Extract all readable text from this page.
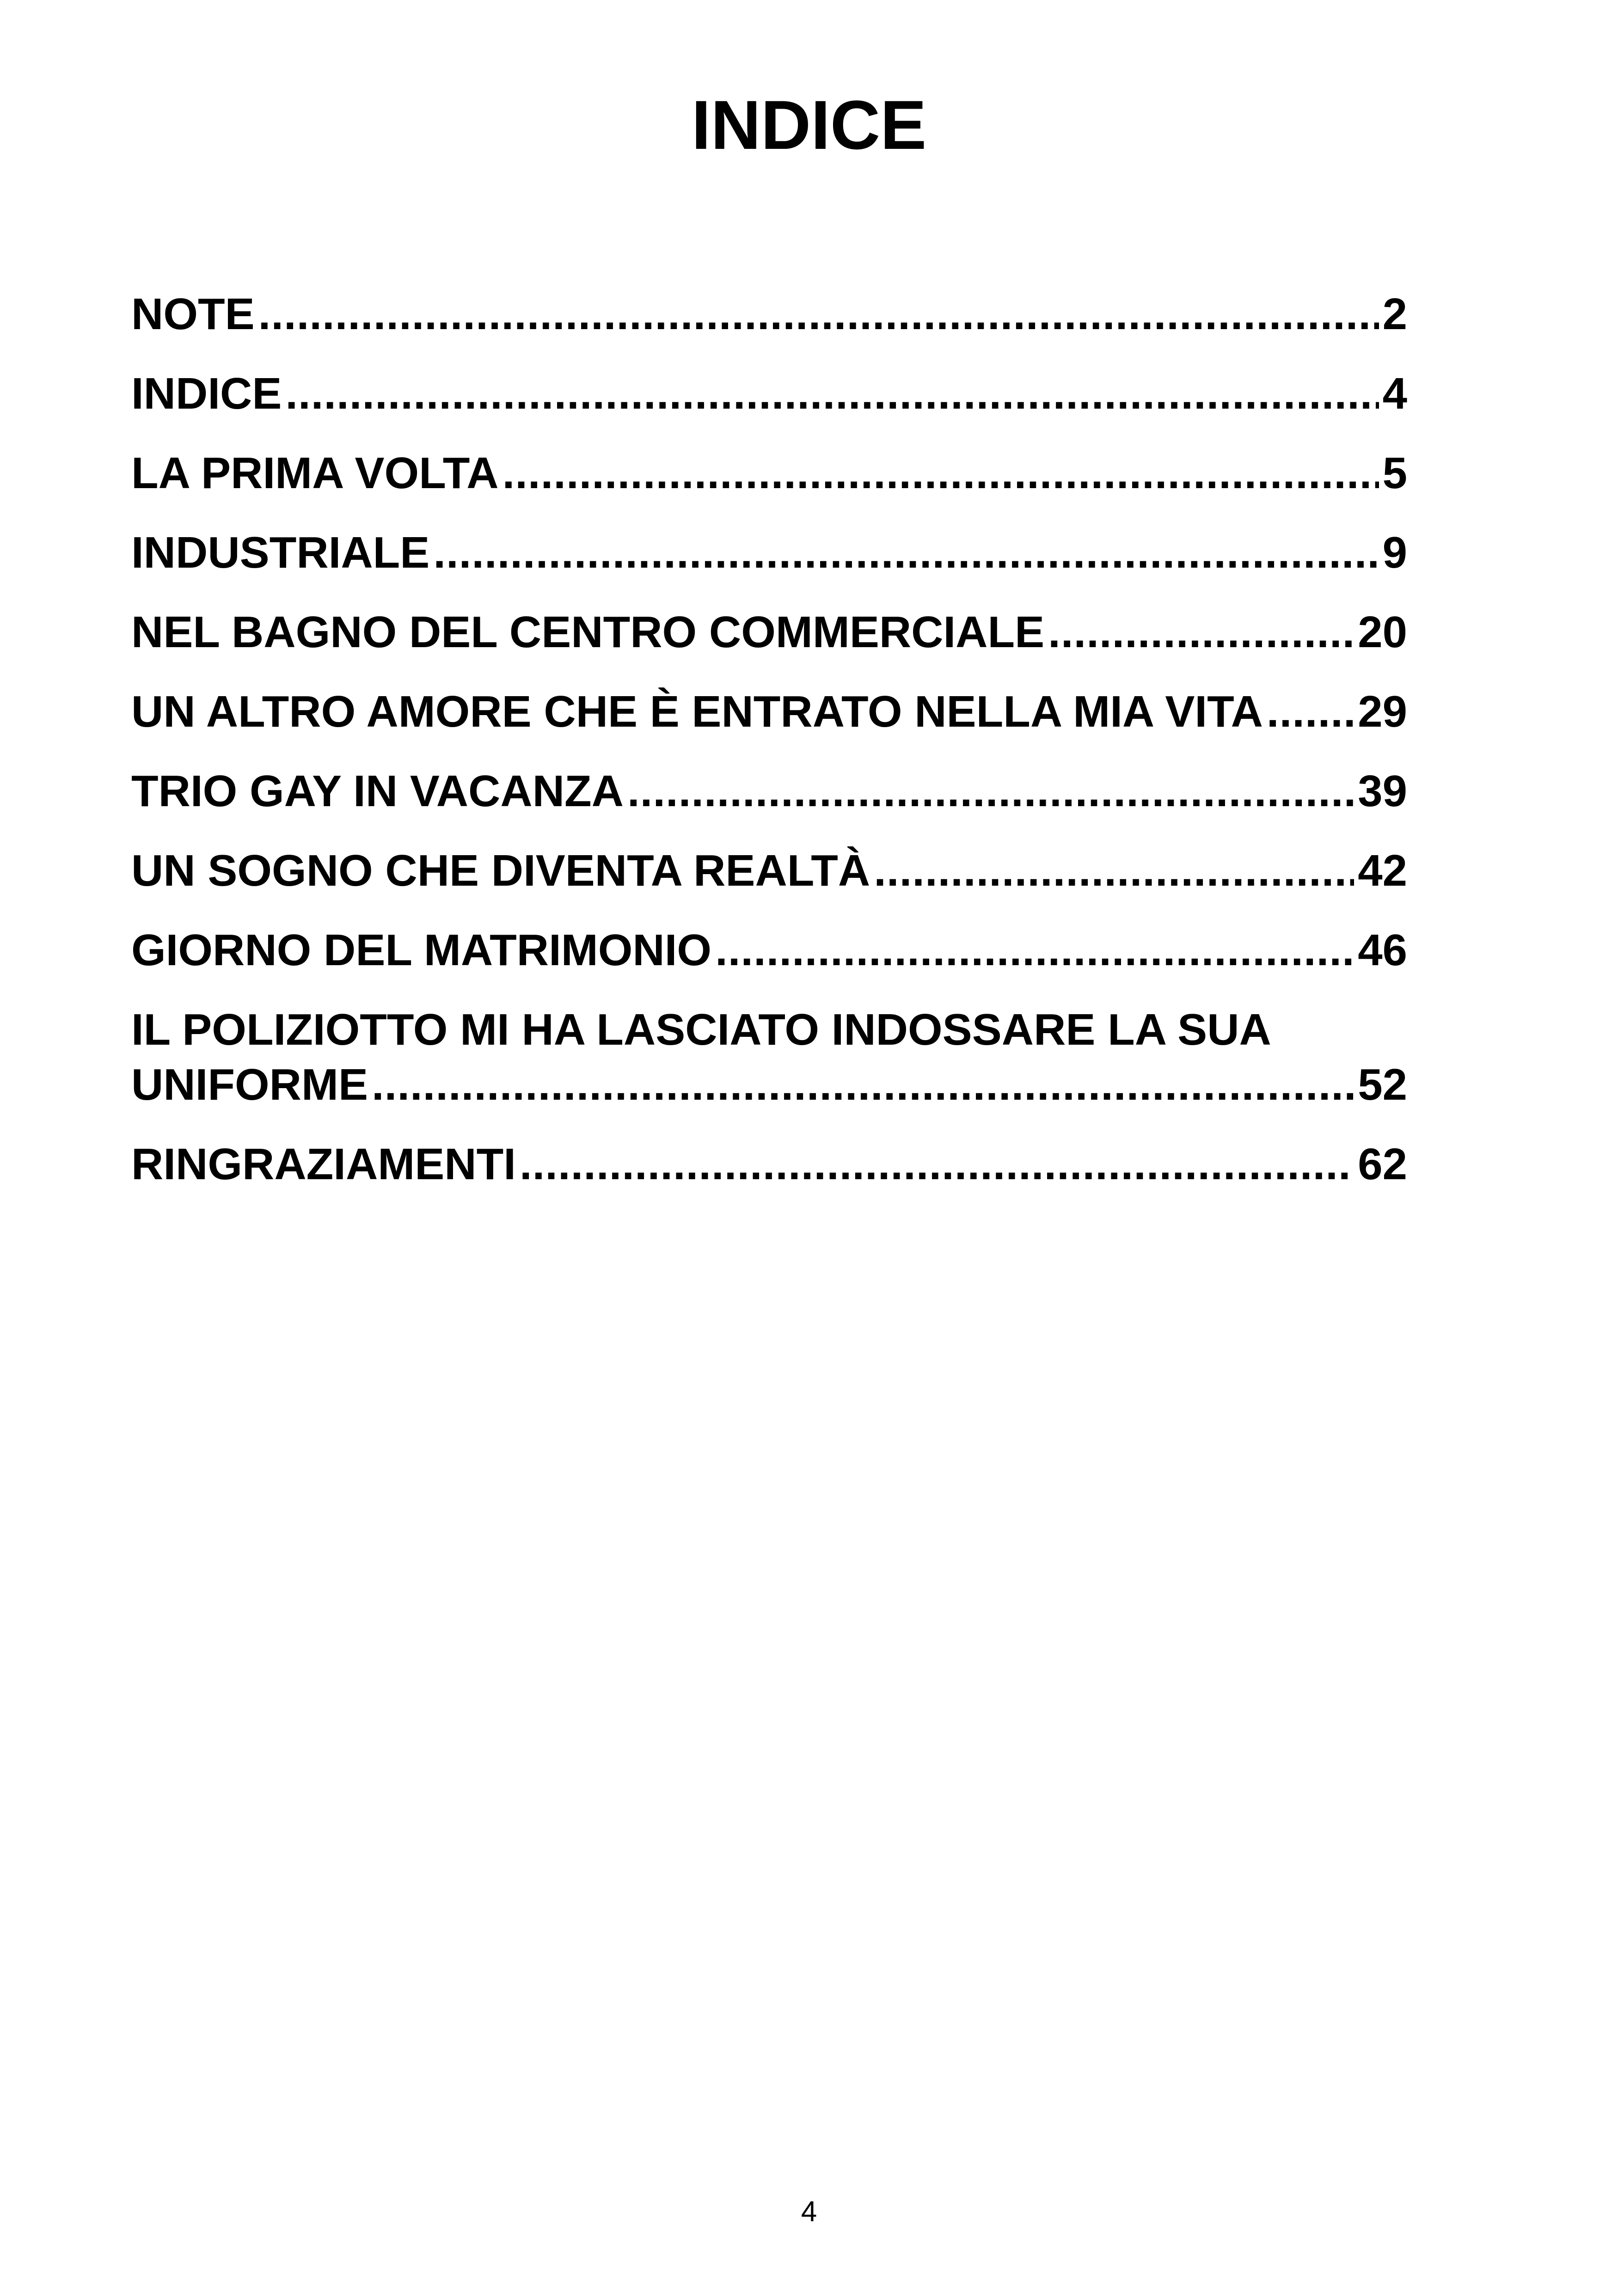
INDICE
NOTE .....	2
INDICE .....	4
LA PRIMA VOLTA .....	5
INDUSTRIALE .....	9
NEL BAGNO DEL CENTRO COMMERCIALE .....	20
UN ALTRO AMORE CHE È ENTRATO NELLA MIA VITA ..... 29
TRIO GAY IN VACANZA .....	39
UN SOGNO CHE DIVENTA REALTÀ .....	42
GIORNO DEL MATRIMONIO .....	46
IL POLIZIOTTO MI HA LASCIATO INDOSSARE LA SUA
UNIFORME .....	52
RINGRAZIAMENTI .....	62
4
